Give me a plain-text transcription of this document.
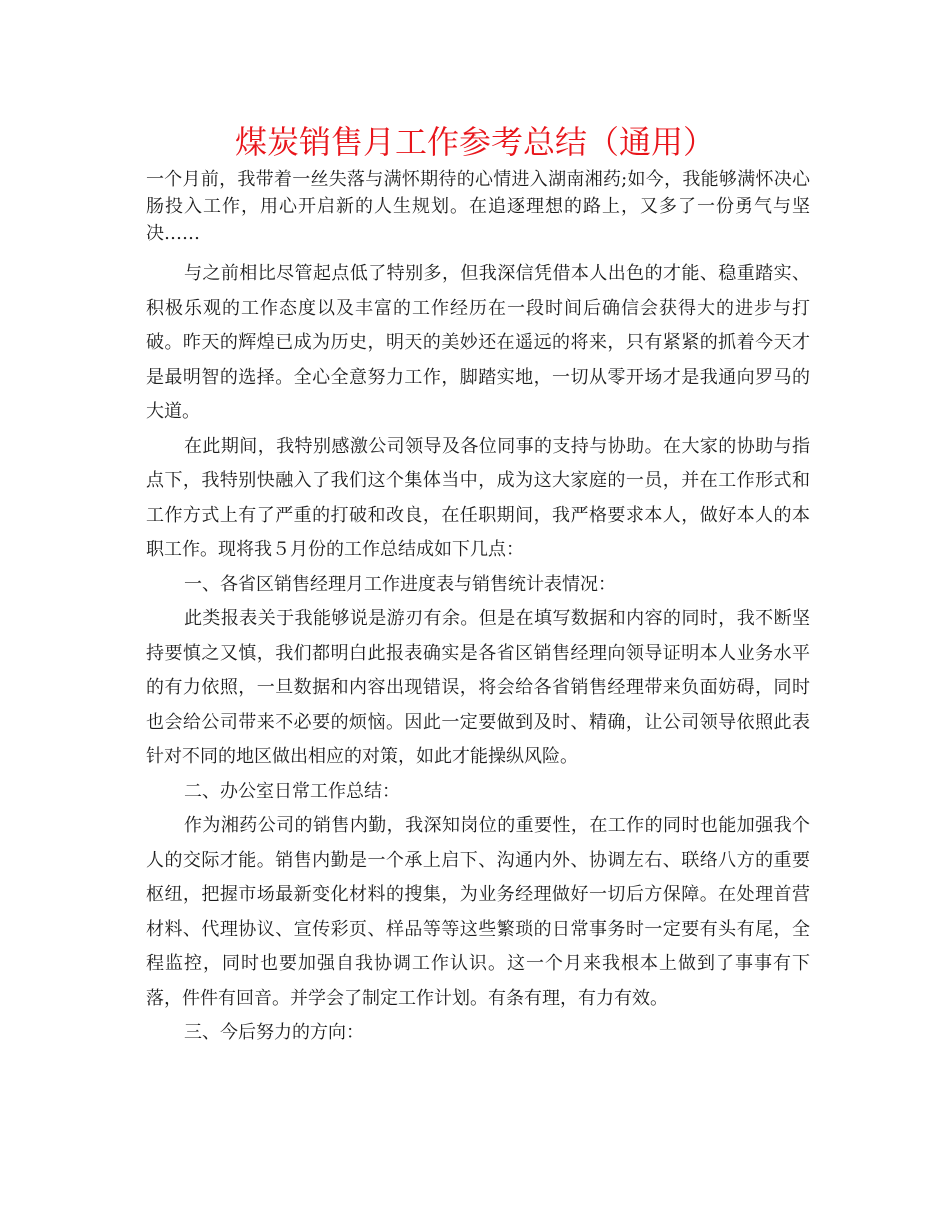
煤炭销售月工作参考总结（通用）

一个月前，我带着一丝失落与满怀期待的心情进入湖南湘药;如今，我能够满怀决心肠投入工作，用心开启新的人生规划。在追逐理想的路上，又多了一份勇气与坚决……

与之前相比尽管起点低了特别多，但我深信凭借本人出色的才能、稳重踏实、积极乐观的工作态度以及丰富的工作经历在一段时间后确信会获得大的进步与打破。昨天的辉煌已成为历史，明天的美妙还在遥远的将来，只有紧紧的抓着今天才是最明智的选择。全心全意努力工作，脚踏实地，一切从零开场才是我通向罗马的大道。

在此期间，我特别感激公司领导及各位同事的支持与协助。在大家的协助与指点下，我特别快融入了我们这个集体当中，成为这大家庭的一员，并在工作形式和工作方式上有了严重的打破和改良，在任职期间，我严格要求本人，做好本人的本职工作。现将我５月份的工作总结成如下几点：

一、各省区销售经理月工作进度表与销售统计表情况：

此类报表关于我能够说是游刃有余。但是在填写数据和内容的同时，我不断坚持要慎之又慎，我们都明白此报表确实是各省区销售经理向领导证明本人业务水平的有力依照，一旦数据和内容出现错误，将会给各省销售经理带来负面妨碍，同时也会给公司带来不必要的烦恼。因此一定要做到及时、精确，让公司领导依照此表针对不同的地区做出相应的对策，如此才能操纵风险。

二、办公室日常工作总结：

作为湘药公司的销售内勤，我深知岗位的重要性，在工作的同时也能加强我个人的交际才能。销售内勤是一个承上启下、沟通内外、协调左右、联络八方的重要枢纽，把握市场最新变化材料的搜集，为业务经理做好一切后方保障。在处理首营材料、代理协议、宣传彩页、样品等等这些繁琐的日常事务时一定要有头有尾，全程监控，同时也要加强自我协调工作认识。这一个月来我根本上做到了事事有下落，件件有回音。并学会了制定工作计划。有条有理，有力有效。

三、今后努力的方向：
